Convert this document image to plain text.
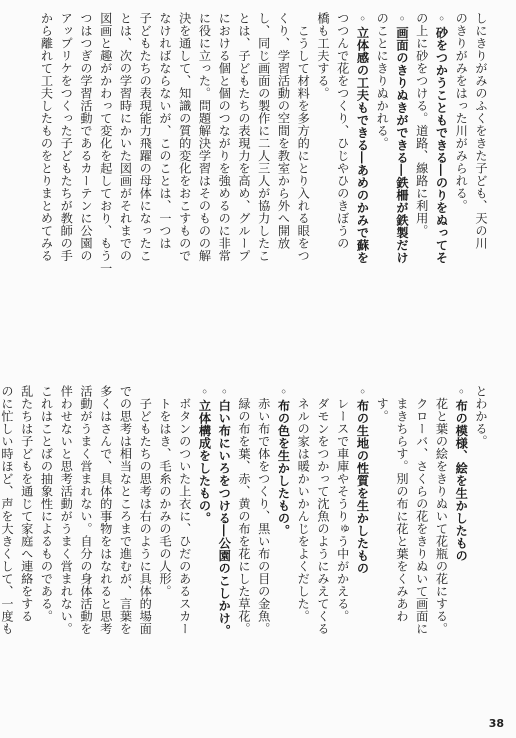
しにきりがみのふくをきた子ども、天の川
のきりがみをはった川がみられる。
◦砂をつかうこともできる―のりをぬってそ
の上に砂をつける。道路、線路に利用。
◦画面のきりぬきができる―鉄柵が鉄製だけ
のことにきりぬかれる。
◦立体感の工夫もできる―あめのかみで蘇を
つつんで花をつくり、ひじやひのきぼうの
橋も工夫する。
　こうして材料を多方的にとり入れる眼をつ
くり、学習活動の空間を教室から外へ開放
し、同じ画面の製作に二人三人が協力したこ
とは、子どもたちの表現力を高め、グループ
における個と個のつながりを強めるのに非常
に役に立った。問題解決学習はそのものの解
決を通して、知識の質的変化をおこすもので
なければならないが、このことは、一つは
子どもたちの表現能力飛躍の母体になったこ
とは、次の学習時にかいた図画がそれまでの
図画と趣がかわって変化を起しており、もう一
つはつぎの学習活動であるカーテンに公園の
アップリケをつくった子どもたちが教師の手
から離れて工夫したものをとりまとめてみる
とわかる。
◦布の模様、絵を生かしたもの
　花と葉の絵をきりぬいて花瓶の花にする。
　クローバ、さくらの花をきりぬいて画面に
　まきちらす。別の布に花と葉をくみあわ
　す。
◦布の生地の性質を生かしたもの
　レースで車庫やそうりゅう中がかえる。
　ダモンをつかって沈魚のようにみえてくる
　ネルの家は暖かいかんじをよくだした。
◦布の色を生かしたもの。
　赤い布で体をつくり、黒い布の目の金魚。
　緑の布を葉、赤、黄の布を花にした草花。
◦白い布にいろをつける―公園のこしかけ。
◦立体構成をしたもの。
　ボタンのついた上衣に、ひだのあるスカー
　トをはき、毛糸のかみの毛の人形。
　子どもたちの思考は右のように具体的場面
での思考は相当なところまで進むが、言葉を
多くはさんで、具体的事物をはなれると思考
活動がうまく営まれない。自分の身体活動を
伴わせないと思考活動がうまく営まれない。
これはことばの抽象性によるものである。
乱たちは子どもを通じて家庭へ連絡をする
のに忙しい時ほど、声を大きくして、一度も
38
